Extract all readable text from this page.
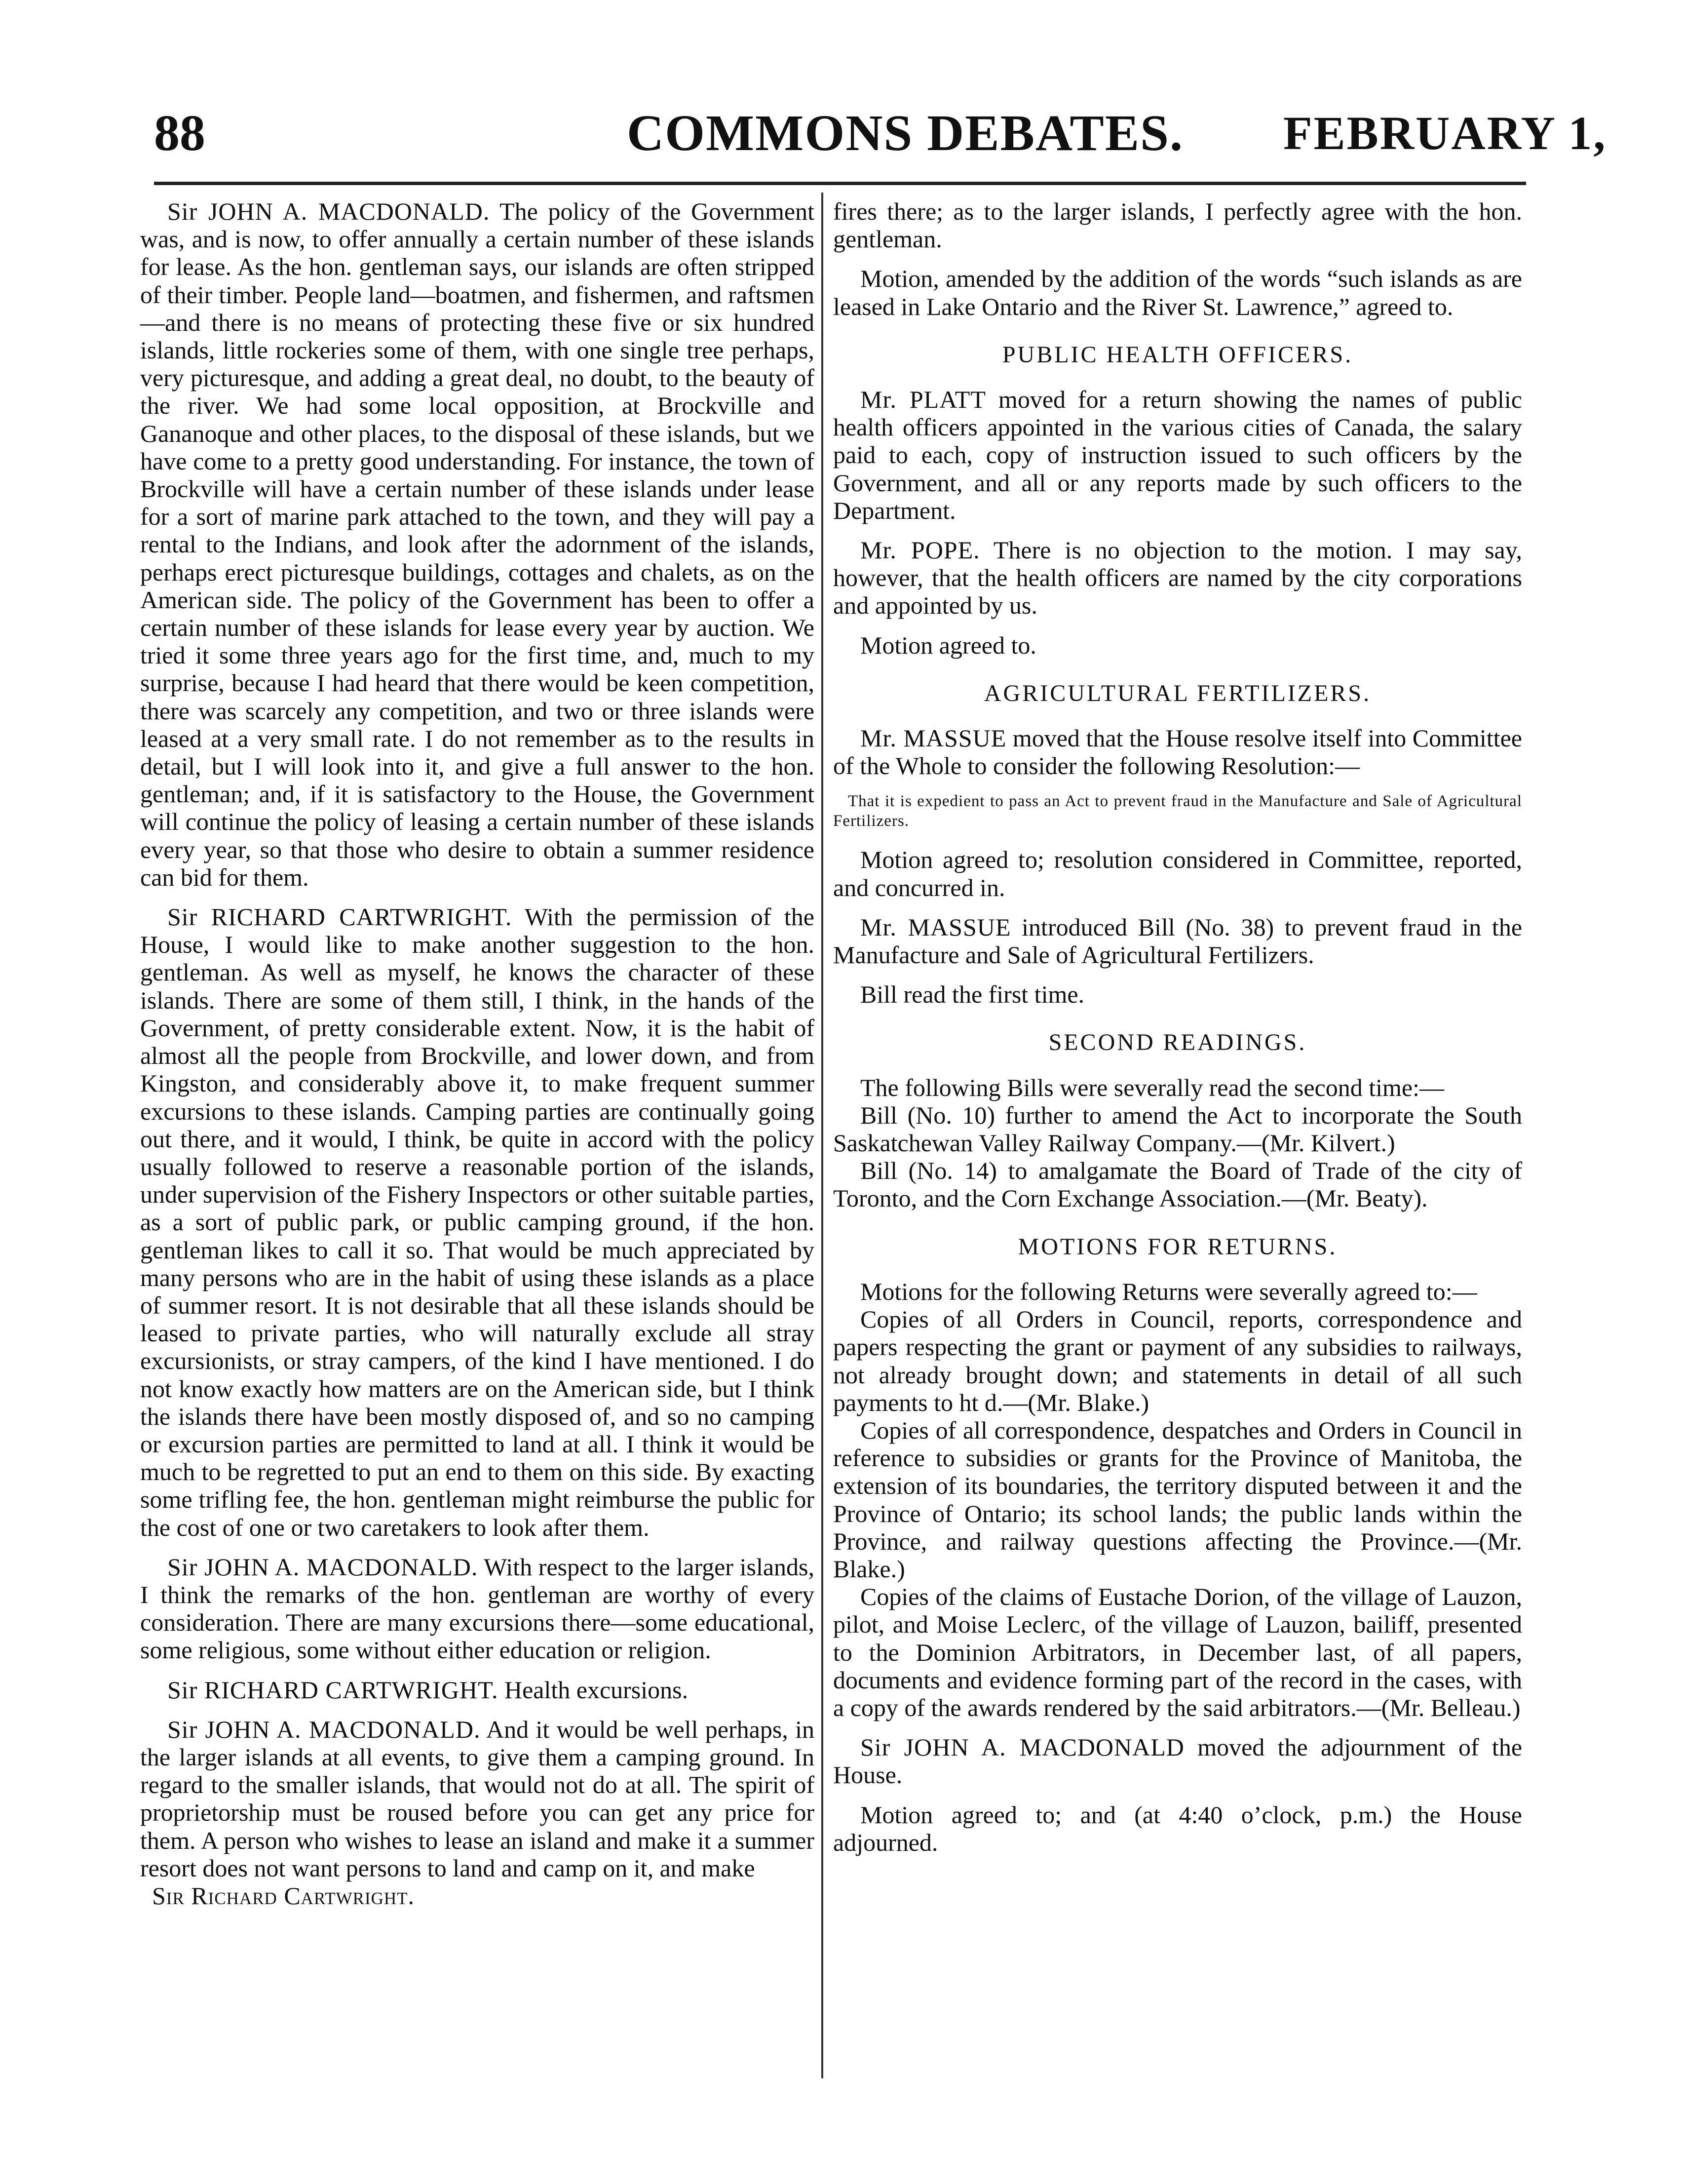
88	COMMONS DEBATES. FEBRUARY 1,

Sir JOHN A. MACDONALD. The policy of the Government was, and is now, to offer annually a certain number of these islands for lease. As the hon. gentleman says, our islands are often stripped of their timber. People land—boatmen, and fishermen, and raftsmen—and there is no means of protecting these five or six hundred islands, little rockeries some of them, with one single tree perhaps, very picturesque, and adding a great deal, no doubt, to the beauty of the river. We had some local opposition, at Brockville and Gananoque and other places, to the disposal of these islands, but we have come to a pretty good understanding. For instance, the town of Brockville will have a certain number of these islands under lease for a sort of marine park attached to the town, and they will pay a rental to the Indians, and look after the adornment of the islands, perhaps erect picturesque buildings, cottages and chalets, as on the American side. The policy of the Government has been to offer a certain number of these islands for lease every year by auction. We tried it some three years ago for the first time, and, much to my surprise, because I had heard that there would be keen competition, there was scarcely any competition, and two or three islands were leased at a very small rate. I do not remember as to the results in detail, but I will look into it, and give a full answer to the hon. gentleman; and, if it is satisfactory to the House, the Government will continue the policy of leasing a certain number of these islands every year, so that those who desire to obtain a summer residence can bid for them.

Sir RICHARD CARTWRIGHT. With the permission of the House, I would like to make another suggestion to the hon. gentleman. As well as myself, he knows the character of these islands. There are some of them still, I think, in the hands of the Government, of pretty considerable extent. Now, it is the habit of almost all the people from Brockville, and lower down, and from Kingston, and considerably above it, to make frequent summer excursions to these islands. Camping parties are continually going out there, and it would, I think, be quite in accord with the policy usually followed to reserve a reasonable portion of the islands, under supervision of the Fishery Inspectors or other suitable parties, as a sort of public park, or public camping ground, if the hon. gentleman likes to call it so. That would be much appreciated by many persons who are in the habit of using these islands as a place of summer resort. It is not desirable that all these islands should be leased to private parties, who will naturally exclude all stray excursionists, or stray campers, of the kind I have mentioned. I do not know exactly how matters are on the American side, but I think the islands there have been mostly disposed of, and so no camping or excursion parties are permitted to land at all. I think it would be much to be regretted to put an end to them on this side. By exacting some trifling fee, the hon. gentleman might reimburse the public for the cost of one or two caretakers to look after them.

Sir JOHN A. MACDONALD. With respect to the larger islands, I think the remarks of the hon. gentleman are worthy of every consideration. There are many excursions there—some educational, some religious, some without either education or religion.

Sir RICHARD CARTWRIGHT. Health excursions.

Sir JOHN A. MACDONALD. And it would be well perhaps, in the larger islands at all events, to give them a camping ground. In regard to the smaller islands, that would not do at all. The spirit of proprietorship must be roused before you can get any price for them. A person who wishes to lease an island and make it a summer resort does not want persons to land and camp on it, and make

Sir Richard Cartwright.

fires there; as to the larger islands, I perfectly agree with the hon. gentleman.

Motion, amended by the addition of the words “such islands as are leased in Lake Ontario and the River St. Lawrence,” agreed to.

PUBLIC HEALTH OFFICERS.

Mr. PLATT moved for a return showing the names of public health officers appointed in the various cities of Canada, the salary paid to each, copy of instruction issued to such officers by the Government, and all or any reports made by such officers to the Department.

Mr. POPE. There is no objection to the motion. I may say, however, that the health officers are named by the city corporations and appointed by us.

Motion agreed to.

AGRICULTURAL FERTILIZERS.

Mr. MASSUE moved that the House resolve itself into Committee of the Whole to consider the following Resolution:—

That it is expedient to pass an Act to prevent fraud in the Manufacture and Sale of Agricultural Fertilizers.

Motion agreed to; resolution considered in Committee, reported, and concurred in.

Mr. MASSUE introduced Bill (No. 38) to prevent fraud in the Manufacture and Sale of Agricultural Fertilizers.

Bill read the first time.

SECOND READINGS.

The following Bills were severally read the second time:—

Bill (No. 10) further to amend the Act to incorporate the South Saskatchewan Valley Railway Company.—(Mr. Kilvert.)

Bill (No. 14) to amalgamate the Board of Trade of the city of Toronto, and the Corn Exchange Association.—(Mr. Beaty).

MOTIONS FOR RETURNS.

Motions for the following Returns were severally agreed to:—

Copies of all Orders in Council, reports, correspondence and papers respecting the grant or payment of any subsidies to railways, not already brought down; and statements in detail of all such payments to ht d.—(Mr. Blake.)

Copies of all correspondence, despatches and Orders in Council in reference to subsidies or grants for the Province of Manitoba, the extension of its boundaries, the territory disputed between it and the Province of Ontario; its school lands; the public lands within the Province, and railway questions affecting the Province.—(Mr. Blake.)

Copies of the claims of Eustache Dorion, of the village of Lauzon, pilot, and Moise Leclerc, of the village of Lauzon, bailiff, presented to the Dominion Arbitrators, in December last, of all papers, documents and evidence forming part of the record in the cases, with a copy of the awards rendered by the said arbitrators.—(Mr. Belleau.)

Sir JOHN A. MACDONALD moved the adjournment of the House.

Motion agreed to; and (at 4:40 o’clock, p.m.) the House adjourned.
